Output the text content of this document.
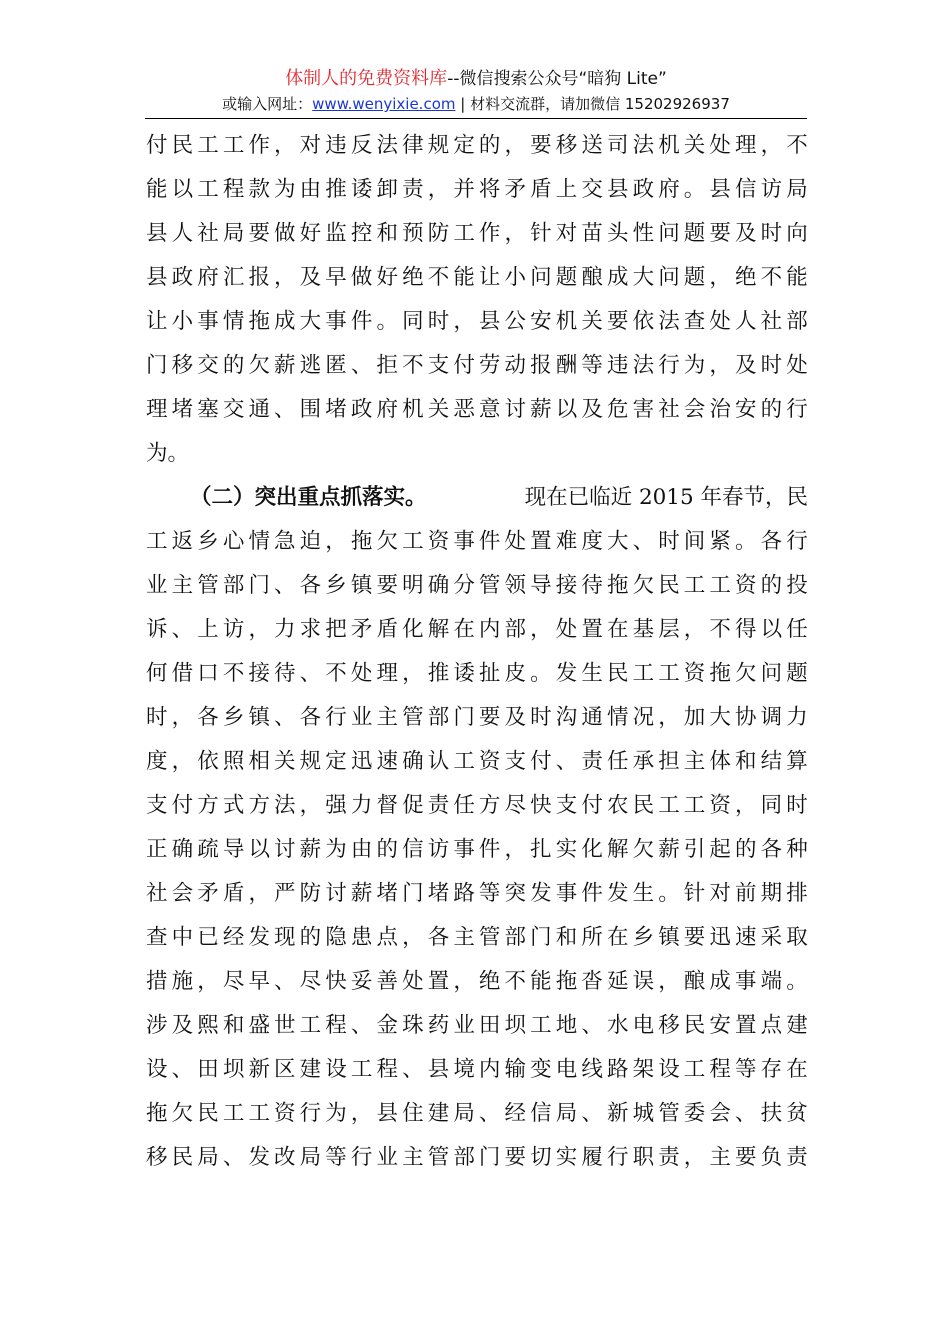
体制人的免费资料库--微信搜索公众号“暗狗 Lite”
或输入网址：www.wenyixie.com | 材料交流群，请加微信 15202926937
付 民 工 工 作 ， 对 违 反 法 律 规 定 的 ， 要 移 送 司 法 机 关 处 理 ， 不
能 以 工 程 款 为 由 推 诿 卸 责 ， 并 将 矛 盾 上 交 县 政 府 。 县 信 访 局
县 人 社 局 要 做 好 监 控 和 预 防 工 作 ， 针 对 苗 头 性 问 题 要 及 时 向
县 政 府 汇 报 ， 及 早 做 好 绝 不 能 让 小 问 题 酿 成 大 问 题 ， 绝 不 能
让 小 事 情 拖 成 大 事 件 。 同 时 ， 县 公 安 机 关 要 依 法 查 处 人 社 部
门 移 交 的 欠 薪 逃 匿 、 拒 不 支 付 劳 动 报 酬 等 违 法 行 为 ， 及 时 处
理 堵 塞 交 通 、 围 堵 政 府 机 关 恶 意 讨 薪 以 及 危 害 社 会 治 安 的 行
为。
（二）突出重点抓落实。	现在已临近 2015 年春节，民
工 返 乡 心 情 急 迫 ， 拖 欠 工 资 事 件 处 置 难 度 大 、 时 间 紧 。 各 行
业 主 管 部 门 、 各 乡 镇 要 明 确 分 管 领 导 接 待 拖 欠 民 工 工 资 的 投
诉 、 上 访 ， 力 求 把 矛 盾 化 解 在 内 部 ， 处 置 在 基 层 ， 不 得 以 任
何 借 口 不 接 待 、 不 处 理 ， 推 诿 扯 皮 。 发 生 民 工 工 资 拖 欠 问 题
时 ， 各 乡 镇 、 各 行 业 主 管 部 门 要 及 时 沟 通 情 况 ， 加 大 协 调 力
度 ， 依 照 相 关 规 定 迅 速 确 认 工 资 支 付 、 责 任 承 担 主 体 和 结 算
支 付 方 式 方 法 ， 强 力 督 促 责 任 方 尽 快 支 付 农 民 工 工 资 ， 同 时
正 确 疏 导 以 讨 薪 为 由 的 信 访 事 件 ， 扎 实 化 解 欠 薪 引 起 的 各 种
社 会 矛 盾 ， 严 防 讨 薪 堵 门 堵 路 等 突 发 事 件 发 生 。 针 对 前 期 排
查 中 已 经 发 现 的 隐 患 点 ， 各 主 管 部 门 和 所 在 乡 镇 要 迅 速 采 取
措 施 ， 尽 早 、 尽 快 妥 善 处 置 ， 绝 不 能 拖 沓 延 误 ， 酿 成 事 端 。
涉 及 熙 和 盛 世 工 程 、 金 珠 药 业 田 坝 工 地 、 水 电 移 民 安 置 点 建
设 、 田 坝 新 区 建 设 工 程 、 县 境 内 输 变 电 线 路 架 设 工 程 等 存 在
拖 欠 民 工 工 资 行 为 ， 县 住 建 局 、 经 信 局 、 新 城 管 委 会 、 扶 贫
移 民 局 、 发 改 局 等 行 业 主 管 部 门 要 切 实 履 行 职 责 ， 主 要 负 责
